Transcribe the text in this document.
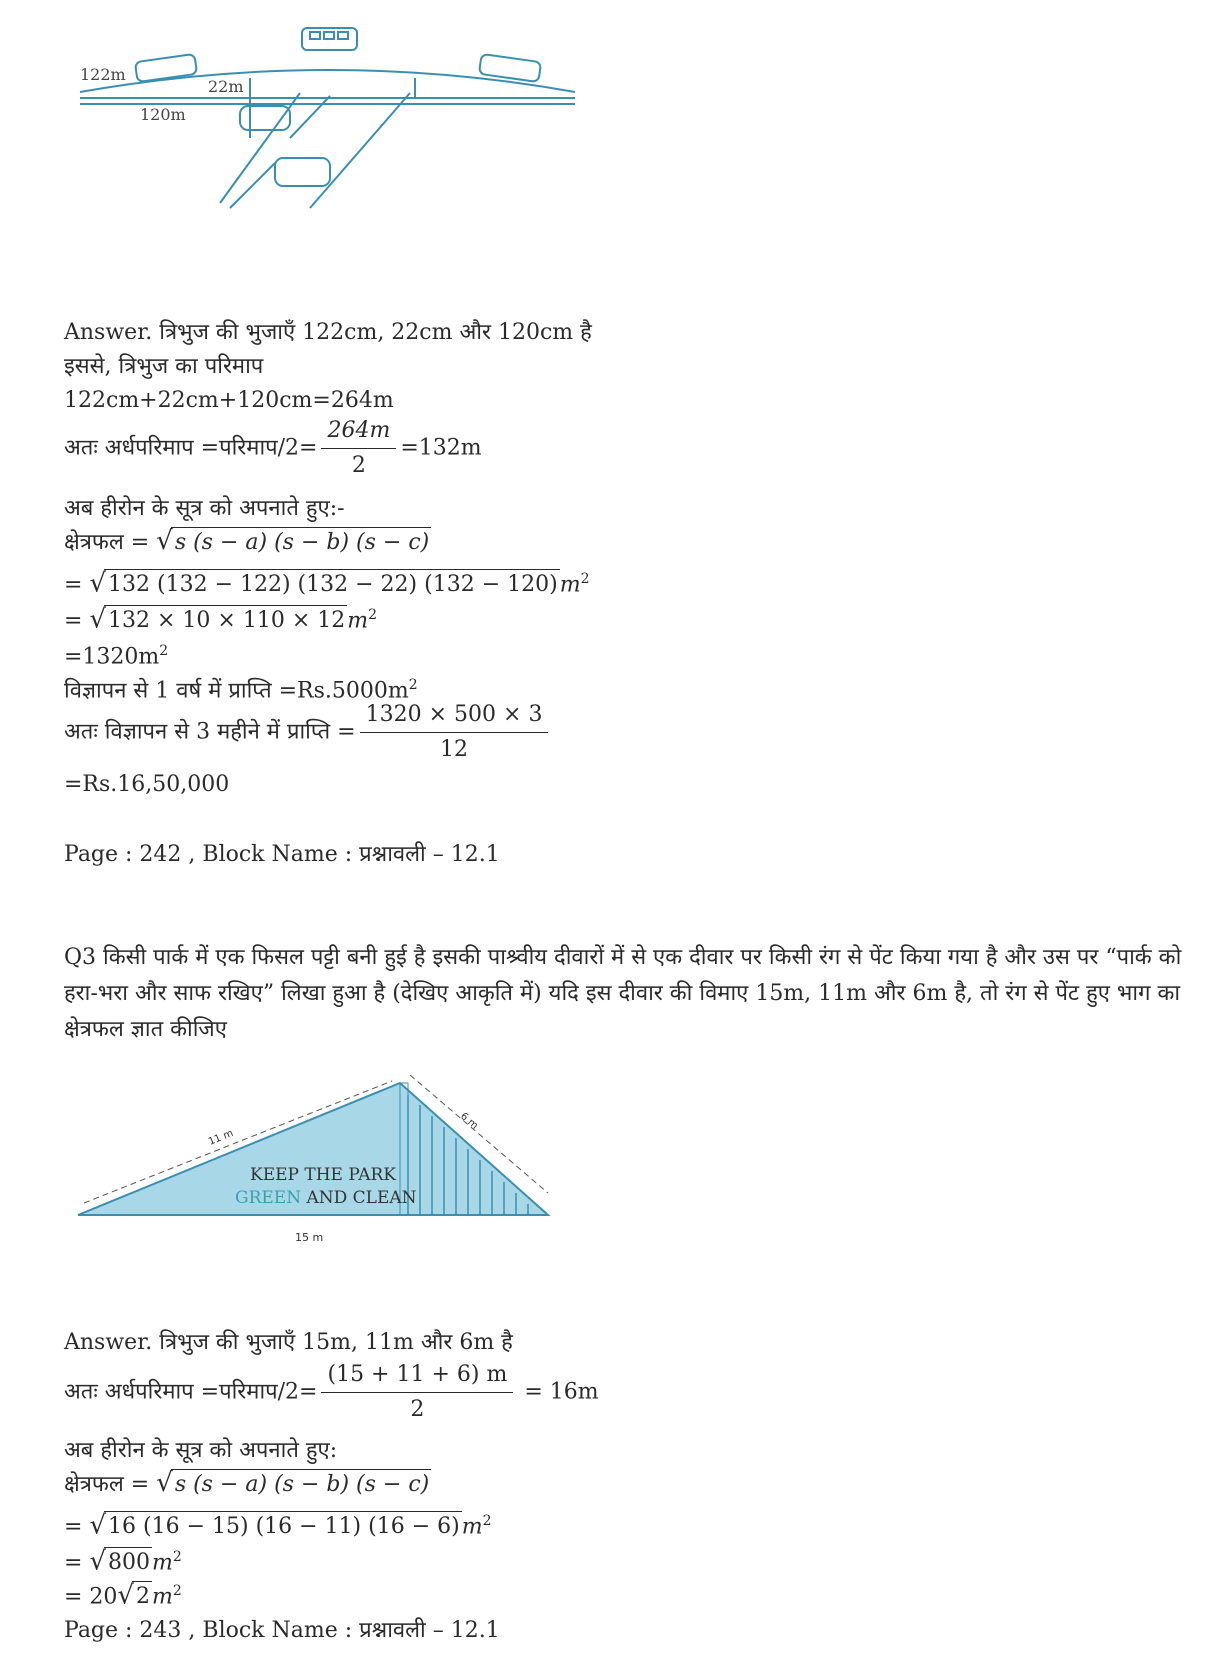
122m
22m
120m
Answer. त्रिभुज की भुजाएँ 122cm, 22cm और 120cm है
इससे, त्रिभुज का परिमाप
122cm+22cm+120cm=264m
अतः अर्धपरिमाप =परिमाप/2= $\frac{264m}{2} =132m$
अब हीरोन के सूत्र को अपनाते हुए:-
क्षेत्रफल = √s (s − a) (s − b) (s − c)
= √132 (132 − 122) (132 − 22) $(132 - 120)m^2$
= $√132 \times 10 \times 110 \times 12m^2$
$=1320m^2$
विज्ञापन से 1 वर्ष में प्राप्ति $=Rs.5000m^2$
अतः विज्ञापन से 3 महीने में प्राप्ति = $\frac{1320 \times 500 \times 3}{12}$
=Rs.16,50,000
Page : 242 , Block Name : प्रश्नावली – 12.1
Q3 किसी पार्क में एक फिसल पट्टी बनी हुई है इसकी पाश्र्वीय दीवारों में से एक दीवार पर किसी रंग से पेंट किया गया है और उस पर “पार्क को हरा-भरा और साफ रखिए” लिखा हुआ है (देखिए आकृति में) यदि इस दीवार की विमाए 15m, 11m और 6m है, तो रंग से पेंट हुए भाग का क्षेत्रफल ज्ञात कीजिए
11 m
6 m
KEEP THE PARK
GREEN AND CLEAN
15 m
Answer. त्रिभुज की भुजाएँ 15m, 11m और 6m है
अतः अर्धपरिमाप =परिमाप/2= $\frac{(15 + 11 + 6) m}{2} = 16m$
अब हीरोन के सूत्र को अपनाते हुए:
क्षेत्रफल = √s (s − a) (s − b) (s − c)
= √16 (16 − 15) (16 − 11) $(16 - 6)m^2$
= $√800m^2$
= $20√2m^2$
Page : 243 , Block Name : प्रश्नावली – 12.1
